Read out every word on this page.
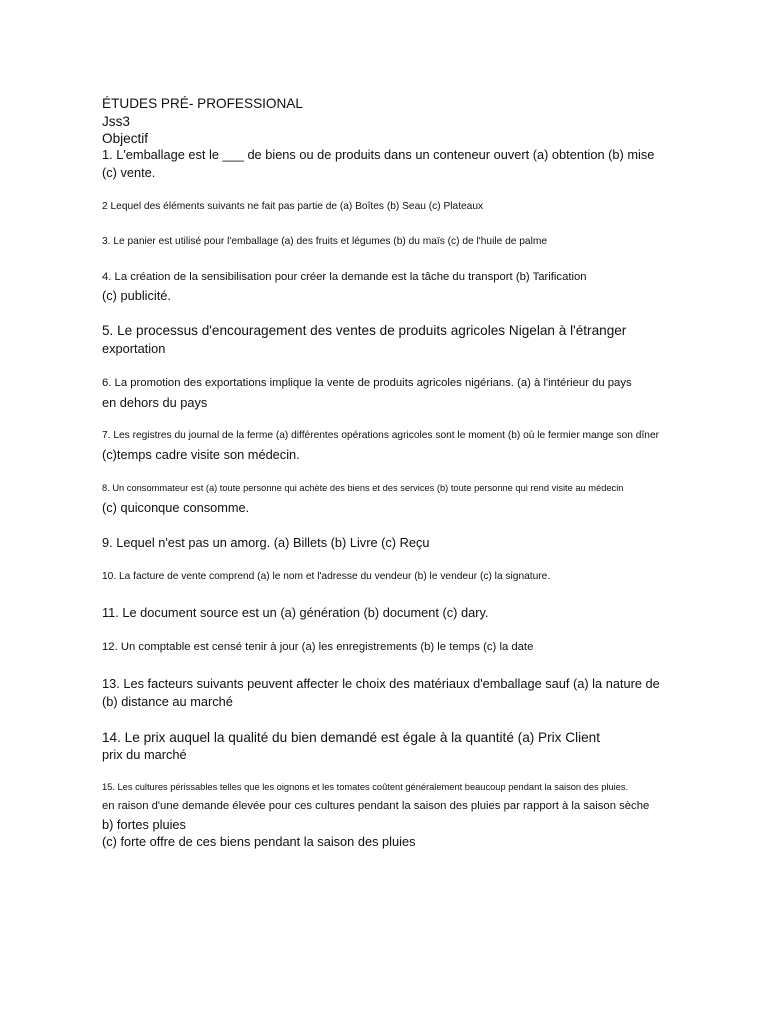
ÉTUDES PRÉ- PROFESSIONAL
Jss3
Objectif
1. L'emballage est le ___ de biens ou de produits dans un conteneur ouvert (a) obtention (b) mise
(c) vente.
2 Lequel des éléments suivants ne fait pas partie de (a) Boîtes (b) Seau (c) Plateaux
3. Le panier est utilisé pour l'emballage (a) des fruits et légumes (b) du maïs (c) de l'huile de palme
4. La création de la sensibilisation pour créer la demande est la tâche du transport (b) Tarification
(c) publicité.
5. Le processus d'encouragement des ventes de produits agricoles Nigelan à l'étranger
exportation
6. La promotion des exportations implique la vente de produits agricoles nigérians. (a) à l'intérieur du pays
en dehors du pays
7. Les registres du journal de la ferme (a) différentes opérations agricoles sont le moment (b) où le fermier mange son dîner
(c)temps cadre visite son médecin.
8. Un consommateur est (a) toute personne qui achète des biens et des services (b) toute personne qui rend visite au médecin
(c) quiconque consomme.
9. Lequel n'est pas un amorg. (a) Billets (b) Livre (c) Reçu
10. La facture de vente comprend (a) le nom et l'adresse du vendeur (b) le vendeur (c) la signature.
11. Le document source est un (a) génération (b) document (c) dary.
12. Un comptable est censé tenir à jour (a) les enregistrements (b) le temps (c) la date
13. Les facteurs suivants peuvent affecter le choix des matériaux d'emballage sauf (a) la nature de
(b) distance au marché
14. Le prix auquel la qualité du bien demandé est égale à la quantité (a) Prix Client
prix du marché
15. Les cultures périssables telles que les oignons et les tomates coûtent généralement beaucoup pendant la saison des pluies.
en raison d'une demande élevée pour ces cultures pendant la saison des pluies par rapport à la saison sèche
b) fortes pluies
(c) forte offre de ces biens pendant la saison des pluies
